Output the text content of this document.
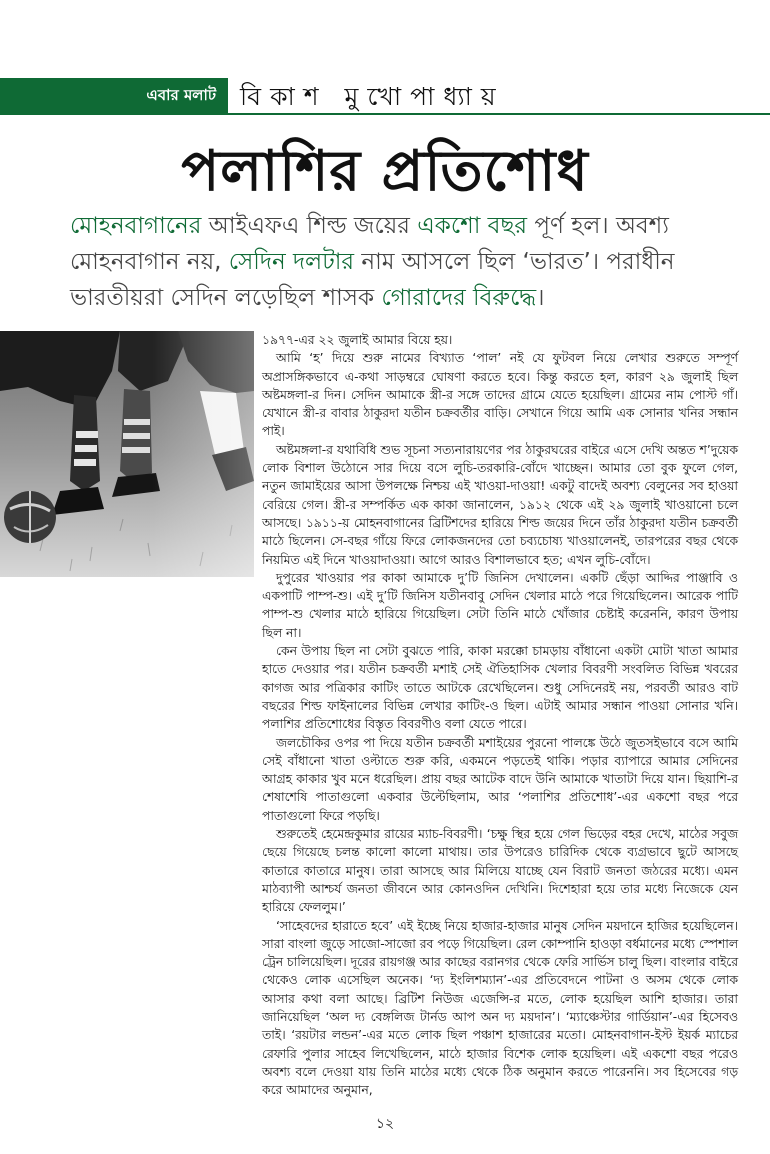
এবার মলাট বিকাশ মুখোপাধ্যায়
পলাশির প্রতিশোধ

মোহনবাগানের আইএফএ শিল্ড জয়ের একশো বছর পূর্ণ হল। অবশ্য মোহনবাগান নয়, সেদিন দলটার নাম আসলে ছিল ‘ভারত’। পরাধীন ভারতীয়রা সেদিন লড়েছিল শাসক গোরাদের বিরুদ্ধে।

১৯৭৭-এর ২২ জুলাই আমার বিয়ে হয়।

আমি ‘হ’ দিয়ে শুরু নামের বিখ্যাত ‘পাল’ নই যে ফুটবল নিয়ে লেখার শুরুতে সম্পূর্ণ অপ্রাসঙ্গিকভাবে এ-কথা সাড়ম্বরে ঘোষণা করতে হবে। কিন্তু করতে হল, কারণ ২৯ জুলাই ছিল অষ্টমঙ্গলা-র দিন। সেদিন আমাকে স্ত্রী-র সঙ্গে তাদের গ্রামে যেতে হয়েছিল। গ্রামের নাম পোস্ট গাঁ। যেখানে স্ত্রী-র বাবার ঠাকুরদা যতীন চক্রবর্তীর বাড়ি। সেখানে গিয়ে আমি এক সোনার খনির সন্ধান পাই।

অষ্টমঙ্গলা-র যথাবিধি শুভ সূচনা সত্যনারায়ণের পর ঠাকুরঘরের বাইরে এসে দেখি অন্তত শ’দুয়েক লোক বিশাল উঠোনে সার দিয়ে বসে লুচি-তরকারি-বোঁদে খাচ্ছেন। আমার তো বুক ফুলে গেল, নতুন জামাইয়ের আসা উপলক্ষে নিশ্চয় এই খাওয়া-দাওয়া! একটু বাদেই অবশ্য বেলুনের সব হাওয়া বেরিয়ে গেল। স্ত্রী-র সম্পর্কিত এক কাকা জানালেন, ১৯১২ থেকে এই ২৯ জুলাই খাওয়ানো চলে আসছে। ১৯১১-য় মোহনবাগানের ব্রিটিশদের হারিয়ে শিল্ড জয়ের দিনে তাঁর ঠাকুরদা যতীন চক্রবর্তী মাঠে ছিলেন। সে-বছর গাঁয়ে ফিরে লোকজনদের তো চব্যচোষ্য খাওয়ালেনই, তারপরের বছর থেকে নিয়মিত এই দিনে খাওয়াদাওয়া। আগে আরও বিশালভাবে হত; এখন লুচি-বোঁদে।

দুপুরের খাওয়ার পর কাকা আমাকে দু’টি জিনিস দেখালেন। একটি ছেঁড়া আদ্দির পাঞ্জাবি ও একপাটি পাম্প-শু। এই দু’টি জিনিস যতীনবাবু সেদিন খেলার মাঠে পরে গিয়েছিলেন। আরেক পাটি পাম্প-শু খেলার মাঠে হারিয়ে গিয়েছিল। সেটা তিনি মাঠে খোঁজার চেষ্টাই করেননি, কারণ উপায় ছিল না।

কেন উপায় ছিল না সেটা বুঝতে পারি, কাকা মরক্কো চামড়ায় বাঁধানো একটা মোটা খাতা আমার হাতে দেওয়ার পর। যতীন চক্রবর্তী মশাই সেই ঐতিহাসিক খেলার বিবরণী সংবলিত বিভিন্ন খবরের কাগজ আর পত্রিকার কাটিং তাতে আটকে রেখেছিলেন। শুধু সেদিনেরই নয়, পরবর্তী আরও বাট বছরের শিল্ড ফাইনালের বিভিন্ন লেখার কাটিং-ও ছিল। এটাই আমার সন্ধান পাওয়া সোনার খনি। পলাশির প্রতিশোধের বিস্তৃত বিবরণীও বলা যেতে পারে।

জলচৌকির ওপর পা দিয়ে যতীন চক্রবর্তী মশাইয়ের পুরনো পালঙ্কে উঠে জুতসইভাবে বসে আমি সেই বাঁধানো খাতা ওল্টাতে শুরু করি, একমনে পড়তেই থাকি। পড়ার ব্যাপারে আমার সেদিনের আগ্রহ কাকার খুব মনে ধরেছিল। প্রায় বছর আটেক বাদে উনি আমাকে খাতাটা দিয়ে যান। ছিয়াশি-র শেষাশেষি পাতাগুলো একবার উল্টেছিলাম, আর ‘পলাশির প্রতিশোধ’-এর একশো বছর পরে পাতাগুলো ফিরে পড়ছি।

শুরুতেই হেমেন্দ্রকুমার রায়ের ম্যাচ-বিবরণী। ‘চক্ষু স্থির হয়ে গেল ভিড়ের বহর দেখে, মাঠের সবুজ ছেয়ে গিয়েছে চলন্ত কালো কালো মাথায়। তার উপরেও চারিদিক থেকে ব্যগ্রভাবে ছুটে আসছে কাতারে কাতারে মানুষ। তারা আসছে আর মিলিয়ে যাচ্ছে যেন বিরাট জনতা জঠরের মধ্যে। এমন মাঠব্যাপী আশ্চর্য জনতা জীবনে আর কোনওদিন দেখিনি। দিশেহারা হয়ে তার মধ্যে নিজেকে যেন হারিয়ে ফেললুম।’

‘সাহেবদের হারাতে হবে’ এই ইচ্ছে নিয়ে হাজার-হাজার মানুষ সেদিন ময়দানে হাজির হয়েছিলেন। সারা বাংলা জুড়ে সাজো-সাজো রব পড়ে গিয়েছিল। রেল কোম্পানি হাওড়া বর্ধমানের মধ্যে স্পেশাল ট্রেন চালিয়েছিল। দূরের রায়গঞ্জ আর কাছের বরানগর থেকে ফেরি সার্ভিস চালু ছিল। বাংলার বাইরে থেকেও লোক এসেছিল অনেক। ‘দ্য ইংলিশম্যান’-এর প্রতিবেদনে পাটনা ও অসম থেকে লোক আসার কথা বলা আছে। ব্রিটিশ নিউজ এজেন্সি-র মতে, লোক হয়েছিল আশি হাজার। তারা জানিয়েছিল ‘অল দ্য বেঙ্গলিজ টার্নড আপ অন দ্য ময়দান’। ‘ম্যাঞ্চেস্টার গার্ডিয়ান’-এর হিসেবও তাই। ‘রয়টার লন্ডন’-এর মতে লোক ছিল পঞ্চাশ হাজারের মতো। মোহনবাগান-ইস্ট ইয়র্ক ম্যাচের রেফারি পুলার সাহেব লিখেছিলেন, মাঠে হাজার বিশেক লোক হয়েছিল। এই একশো বছর পরেও অবশ্য বলে দেওয়া যায় তিনি মাঠের মধ্যে থেকে ঠিক অনুমান করতে পারেননি। সব হিসেবের গড় করে আমাদের অনুমান,

১২
